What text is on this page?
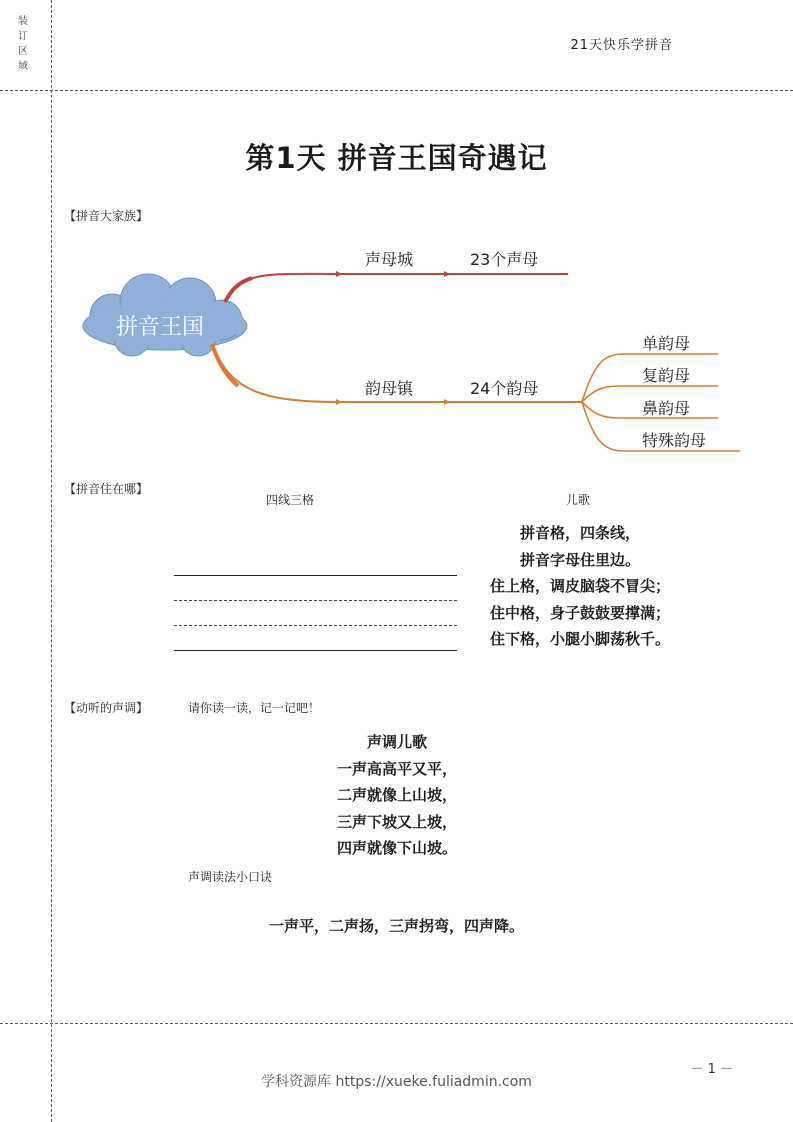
装订区域
21天快乐学拼音
第1天 拼音王国奇遇记
【拼音大家族】
拼音王国
声母城	23个声母
韵母镇	24个韵母
单韵母
复韵母
鼻韵母
特殊韵母
【拼音住在哪】
四线三格	儿歌
拼音格，四条线，
拼音字母住里边。
住上格，调皮脑袋不冒尖；
住中格，身子鼓鼓要撑满；
住下格，小腿小脚荡秋千。
【动听的声调】	请你读一读，记一记吧！
声调儿歌
一声高高平又平，
二声就像上山坡，
三声下坡又上坡，
四声就像下山坡。
声调读法小口诀
一声平，二声扬，三声拐弯，四声降。
－ 1 －
学科资源库 https://xueke.fuliadmin.com
